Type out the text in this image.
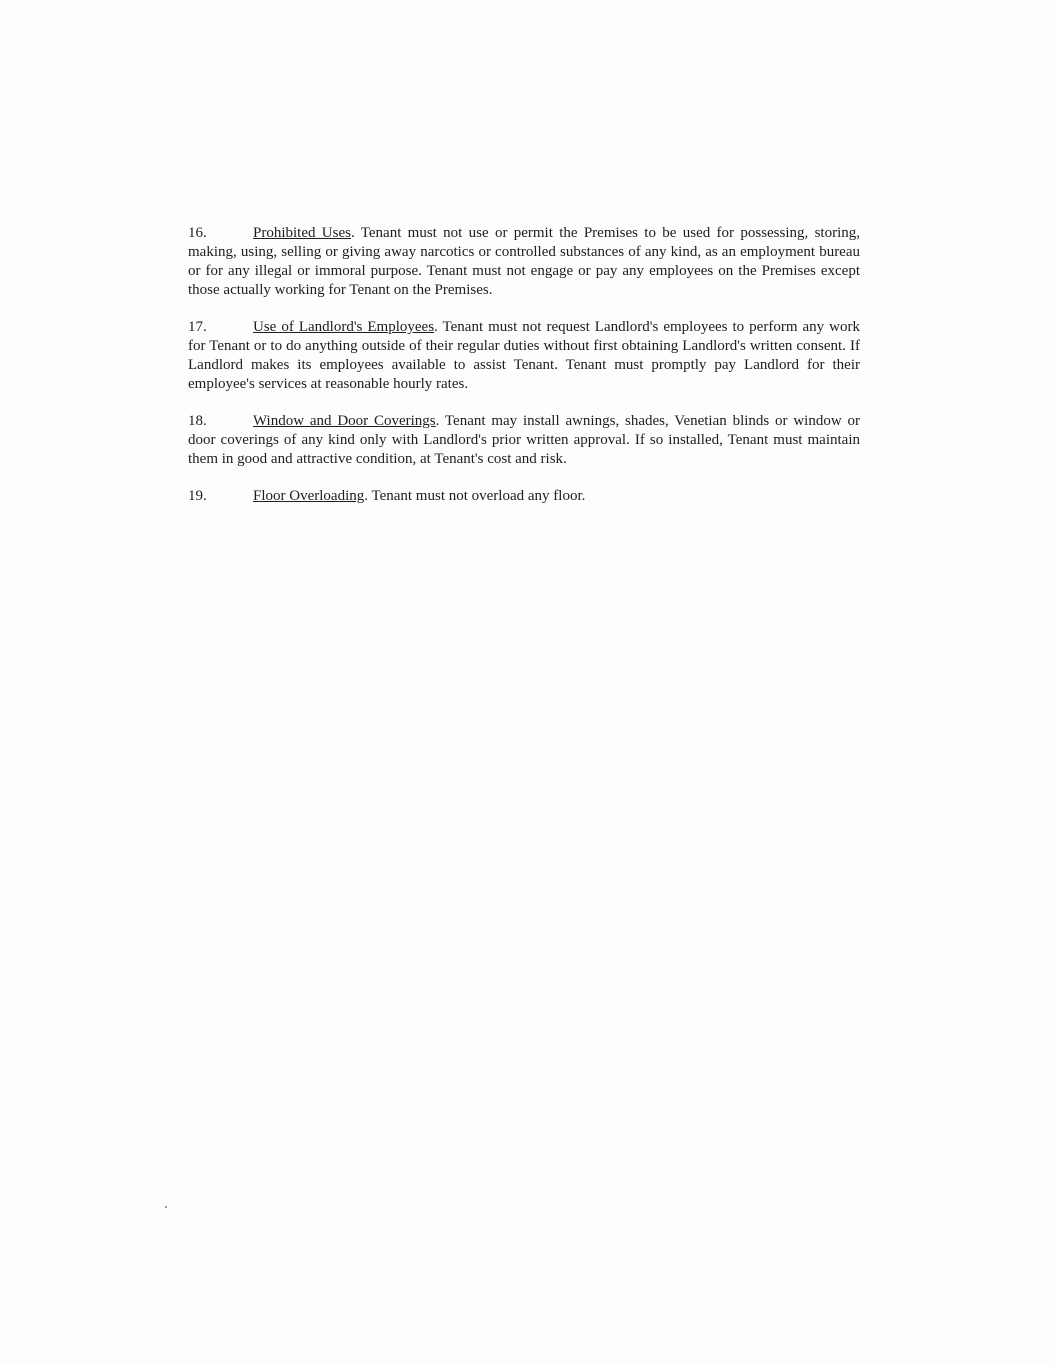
16.	Prohibited Uses. Tenant must not use or permit the Premises to be used for possessing, storing, making, using, selling or giving away narcotics or controlled substances of any kind, as an employment bureau or for any illegal or immoral purpose. Tenant must not engage or pay any employees on the Premises except those actually working for Tenant on the Premises.

17.	Use of Landlord's Employees. Tenant must not request Landlord's employees to perform any work for Tenant or to do anything outside of their regular duties without first obtaining Landlord's written consent. If Landlord makes its employees available to assist Tenant. Tenant must promptly pay Landlord for their employee's services at reasonable hourly rates.

18.	Window and Door Coverings. Tenant may install awnings, shades, Venetian blinds or window or door coverings of any kind only with Landlord's prior written approval. If so installed, Tenant must maintain them in good and attractive condition, at Tenant's cost and risk.

19.	Floor Overloading. Tenant must not overload any floor.
